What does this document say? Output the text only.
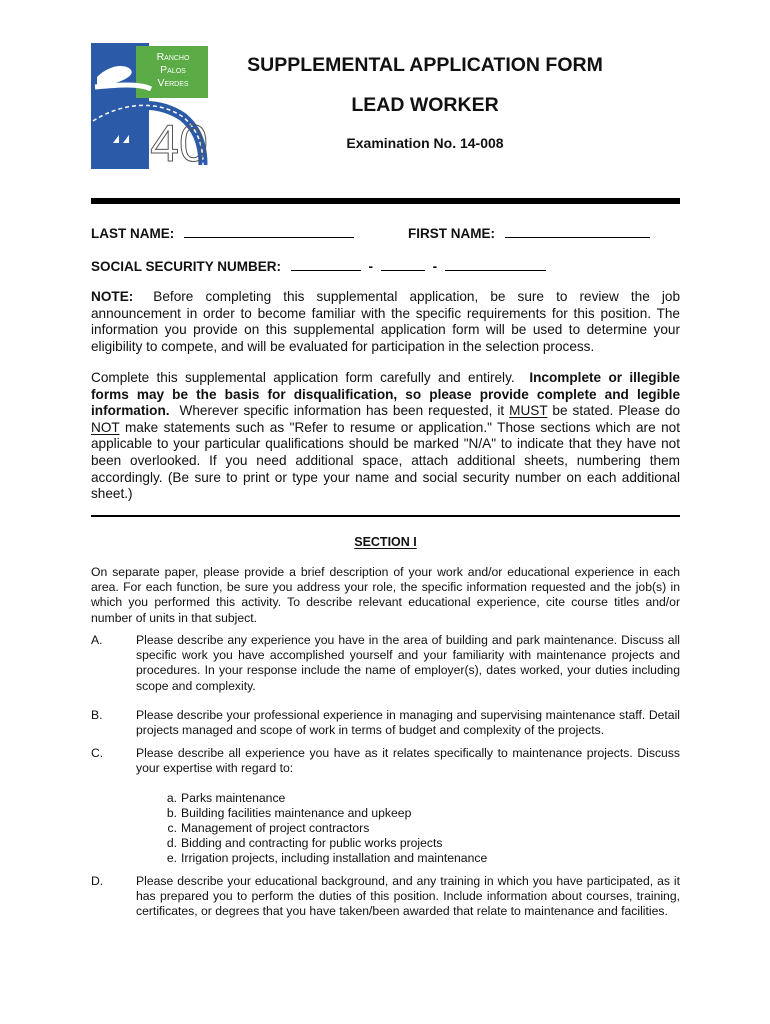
Rancho
Palos
Verdes
40
SUPPLEMENTAL APPLICATION FORM
LEAD WORKER
Examination No. 14-008
LAST NAME:	FIRST NAME:
SOCIAL SECURITY NUMBER:	-	-
NOTE: Before completing this supplemental application, be sure to review the job announcement in order to become familiar with the specific requirements for this position. The information you provide on this supplemental application form will be used to determine your eligibility to compete, and will be evaluated for participation in the selection process.
Complete this supplemental application form carefully and entirely. Incomplete or illegible forms may be the basis for disqualification, so please provide complete and legible information. Wherever specific information has been requested, it MUST be stated. Please do NOT make statements such as "Refer to resume or application." Those sections which are not applicable to your particular qualifications should be marked "N/A" to indicate that they have not been overlooked. If you need additional space, attach additional sheets, numbering them accordingly. (Be sure to print or type your name and social security number on each additional sheet.)
SECTION I
On separate paper, please provide a brief description of your work and/or educational experience in each area. For each function, be sure you address your role, the specific information requested and the job(s) in which you performed this activity. To describe relevant educational experience, cite course titles and/or number of units in that subject.
A.	Please describe any experience you have in the area of building and park maintenance. Discuss all specific work you have accomplished yourself and your familiarity with maintenance projects and procedures. In your response include the name of employer(s), dates worked, your duties including scope and complexity.
B.	Please describe your professional experience in managing and supervising maintenance staff. Detail projects managed and scope of work in terms of budget and complexity of the projects.
C.	Please describe all experience you have as it relates specifically to maintenance projects. Discuss your expertise with regard to:
a. Parks maintenance
b. Building facilities maintenance and upkeep
c. Management of project contractors
d. Bidding and contracting for public works projects
e. Irrigation projects, including installation and maintenance
D.	Please describe your educational background, and any training in which you have participated, as it has prepared you to perform the duties of this position. Include information about courses, training, certificates, or degrees that you have taken/been awarded that relate to maintenance and facilities.
